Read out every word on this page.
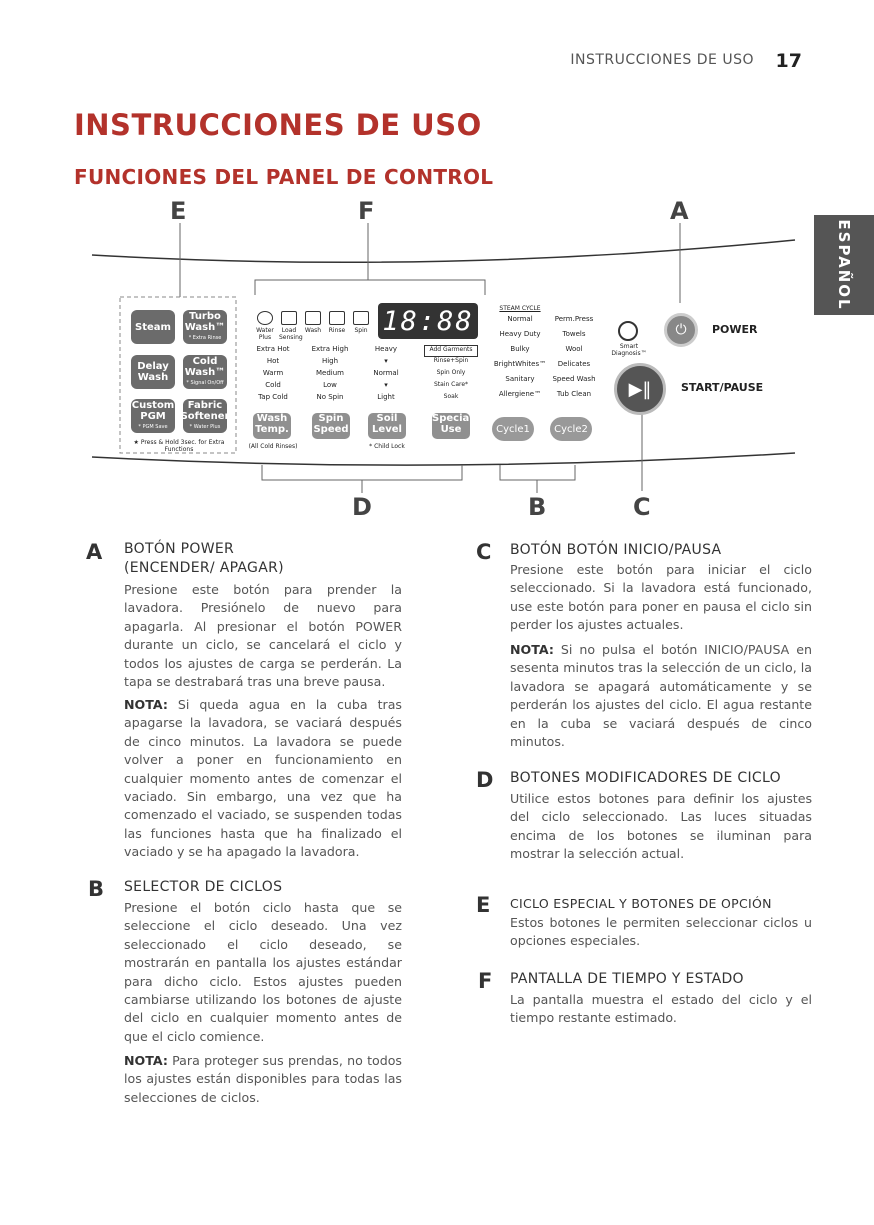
INSTRUCCIONES DE USO 17
ESPAÑOL
INSTRUCCIONES DE USO
FUNCIONES DEL PANEL DE CONTROL
E	F	A
D	B	C
Steam
Turbo Wash™
* Extra Rinse
Delay Wash
Cold Wash™
* Signal On/Off
Custom PGM
* PGM Save
Fabric Softener
* Water Plus
★ Press & Hold 3sec. for Extra Functions
Water Plus
Load Sensing
Wash	Rinse	Spin 18:88
Extra Hot
Hot
Warm
Cold
Tap Cold
Extra High
High
Medium
Low
No Spin
Heavy
▾
Normal
▾
Light
Add Garments
Rinse+Spin
Spin Only
Stain Care*
Soak
Wash Temp.
Spin Speed
Soil Level
Special Use
(All Cold Rinses)	* Child Lock
STEAM CYCLE
Normal
Heavy Duty
Bulky
BrightWhites™
Sanitary
Allergiene™
Perm.Press
Towels
Wool
Delicates
Speed Wash
Tub Clean
Cycle1	Cycle2
Smart Diagnosis™
⏻ POWER
▶‖	START/PAUSE
A BOTÓN POWER (ENCENDER/ APAGAR)
Presione este botón para prender la lavadora. Presiónelo de nuevo para apagarla. Al presionar el botón POWER durante un ciclo, se cancelará el ciclo y todos los ajustes de carga se perderán. La tapa se destrabará tras una breve pausa.
NOTA: Si queda agua en la cuba tras apagarse la lavadora, se vaciará después de cinco minutos. La lavadora se puede volver a poner en funcionamiento en cualquier momento antes de comenzar el vaciado. Sin embargo, una vez que ha comenzado el vaciado, se suspenden todas las funciones hasta que ha finalizado el vaciado y se ha apagado la lavadora.
B SELECTOR DE CICLOS
Presione el botón ciclo hasta que se seleccione el ciclo deseado. Una vez seleccionado el ciclo deseado, se mostrarán en pantalla los ajustes estándar para dicho ciclo. Estos ajustes pueden cambiarse utilizando los botones de ajuste del ciclo en cualquier momento antes de que el ciclo comience.
NOTA: Para proteger sus prendas, no todos los ajustes están disponibles para todas las selecciones de ciclos.
C BOTÓN BOTÓN INICIO/PAUSA
Presione este botón para iniciar el ciclo seleccionado. Si la lavadora está funcionado, use este botón para poner en pausa el ciclo sin perder los ajustes actuales.
NOTA: Si no pulsa el botón INICIO/PAUSA en sesenta minutos tras la selección de un ciclo, la lavadora se apagará automáticamente y se perderán los ajustes del ciclo. El agua restante en la cuba se vaciará después de cinco minutos.
D BOTONES MODIFICADORES DE CICLO
Utilice estos botones para definir los ajustes del ciclo seleccionado. Las luces situadas encima de los botones se iluminan para mostrar la selección actual.
E CICLO ESPECIAL Y BOTONES DE OPCIÓN
Estos botones le permiten seleccionar ciclos u opciones especiales.
F PANTALLA DE TIEMPO Y ESTADO
La pantalla muestra el estado del ciclo y el tiempo restante estimado.
